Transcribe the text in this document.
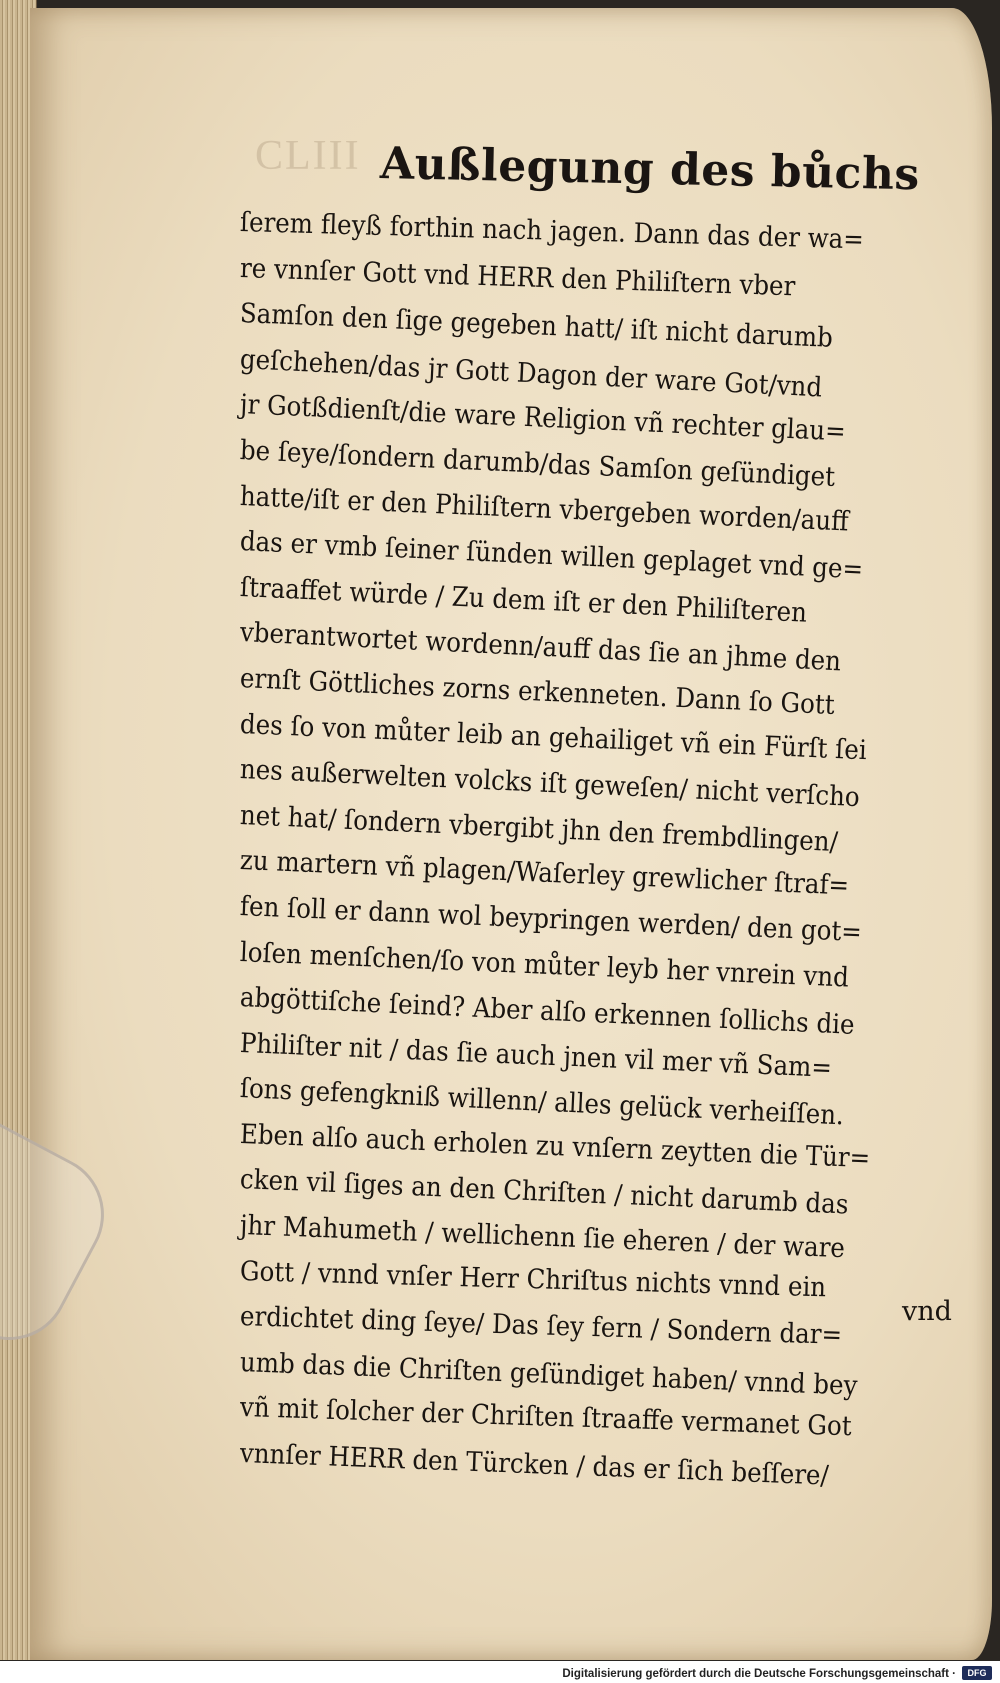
CLIII Außlegung des bůchs
ſerem fleyß forthin nach jagen. Dann das der wa=
re vnnſer Gott vnd HERR den Philiſtern vber
Samſon den ſige gegeben hatt/ iſt nicht darumb
geſchehen/das jr Gott Dagon der ware Got/vnd
jr Gotßdienſt/die ware Religion vñ rechter glau=
be ſeye/ſondern darumb/das Samſon geſündiget
hatte/iſt er den Philiſtern vbergeben worden/auff
das er vmb ſeiner ſünden willen geplaget vnd ge=
ſtraaffet würde / Zu dem iſt er den Philiſteren
vberantwortet wordenn/auff das ſie an jhme den
ernſt Göttliches zorns erkenneten. Dann ſo Gott
des ſo von můter leib an gehailiget vñ ein Fürſt ſei
nes außerwelten volcks iſt geweſen/ nicht verſcho
net hat/ ſondern vbergibt jhn den frembdlingen/
zu martern vñ plagen/Waſerley grewlicher ſtraf=
fen ſoll er dann wol beypringen werden/ den got=
loſen menſchen/ſo von můter leyb her vnrein vnd
abgöttiſche ſeind? Aber alſo erkennen ſollichs die
Philiſter nit / das ſie auch jnen vil mer vñ Sam=
ſons gefengkniß willenn/ alles gelück verheiſſen.
Eben alſo auch erholen zu vnſern zeytten die Tür=
cken vil ſiges an den Chriſten / nicht darumb das
jhr Mahumeth / wellichenn ſie eheren / der ware
Gott / vnnd vnſer Herr Chriſtus nichts vnnd ein
erdichtet ding ſeye/ Das ſey fern / Sondern dar=
umb das die Chriſten geſündiget haben/ vnnd bey
vñ mit ſolcher der Chriſten ſtraaffe vermanet Got
vnnſer HERR den Türcken / das er ſich beſſere/
vnd
Digitalisierung gefördert durch die Deutsche Forschungsgemeinschaft ·	DFG
